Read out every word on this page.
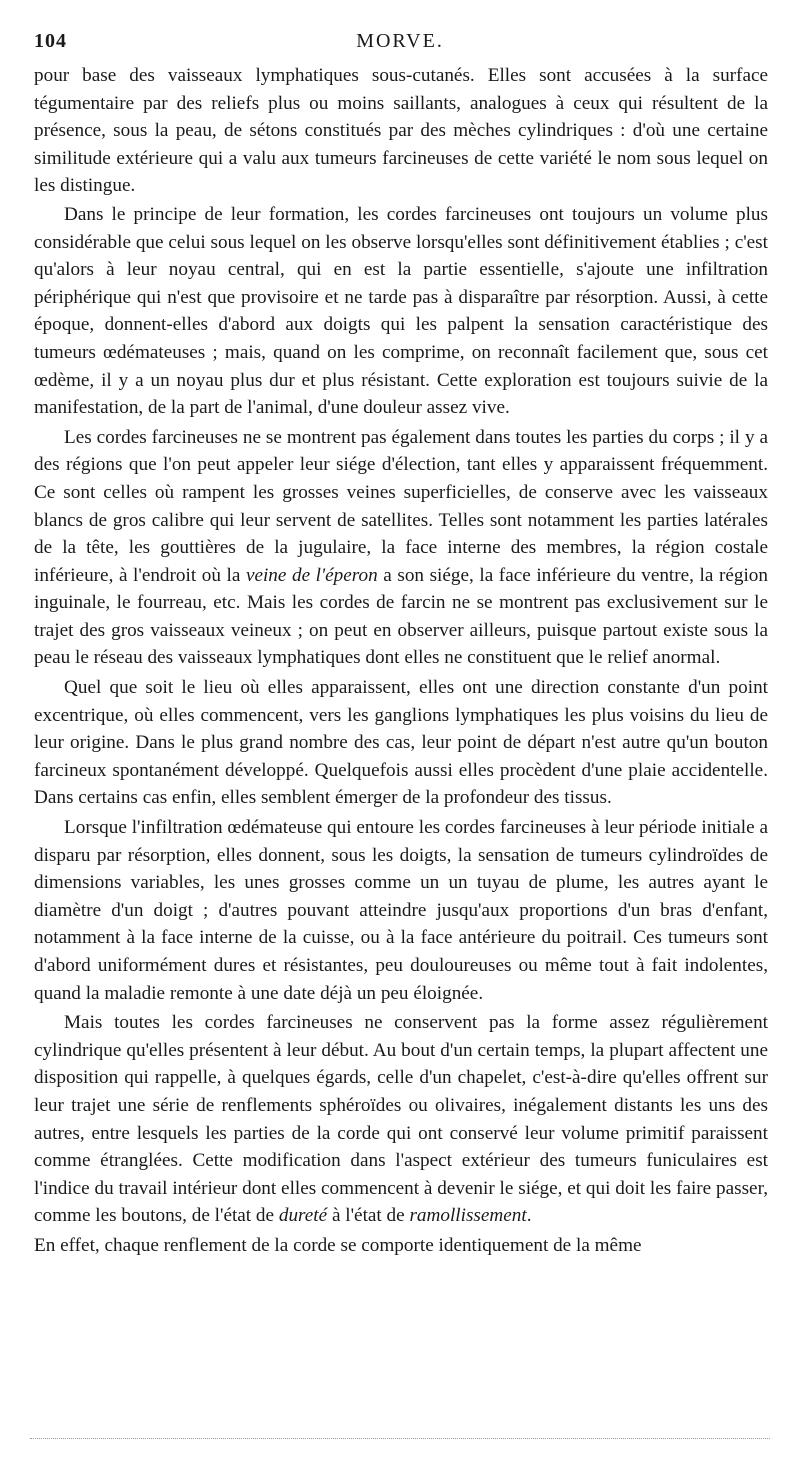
104	MORVE.

pour base des vaisseaux lymphatiques sous-cutanés. Elles sont accusées à la surface tégumentaire par des reliefs plus ou moins saillants, analogues à ceux qui résultent de la présence, sous la peau, de sétons constitués par des mèches cylindriques : d'où une certaine similitude extérieure qui a valu aux tumeurs farcineuses de cette variété le nom sous lequel on les distingue.

Dans le principe de leur formation, les cordes farcineuses ont toujours un volume plus considérable que celui sous lequel on les observe lorsqu'elles sont définitivement établies ; c'est qu'alors à leur noyau central, qui en est la partie essentielle, s'ajoute une infiltration périphérique qui n'est que provisoire et ne tarde pas à disparaître par résorption. Aussi, à cette époque, donnent-elles d'abord aux doigts qui les palpent la sensation caractéristique des tumeurs œdémateuses ; mais, quand on les comprime, on reconnaît facilement que, sous cet œdème, il y a un noyau plus dur et plus résistant. Cette exploration est toujours suivie de la manifestation, de la part de l'animal, d'une douleur assez vive.

Les cordes farcineuses ne se montrent pas également dans toutes les parties du corps ; il y a des régions que l'on peut appeler leur siége d'élection, tant elles y apparaissent fréquemment. Ce sont celles où rampent les grosses veines superficielles, de conserve avec les vaisseaux blancs de gros calibre qui leur servent de satellites. Telles sont notamment les parties latérales de la tête, les gouttières de la jugulaire, la face interne des membres, la région costale inférieure, à l'endroit où la veine de l'éperon a son siége, la face inférieure du ventre, la région inguinale, le fourreau, etc. Mais les cordes de farcin ne se montrent pas exclusivement sur le trajet des gros vaisseaux veineux ; on peut en observer ailleurs, puisque partout existe sous la peau le réseau des vaisseaux lymphatiques dont elles ne constituent que le relief anormal.

Quel que soit le lieu où elles apparaissent, elles ont une direction constante d'un point excentrique, où elles commencent, vers les ganglions lymphatiques les plus voisins du lieu de leur origine. Dans le plus grand nombre des cas, leur point de départ n'est autre qu'un bouton farcineux spontanément développé. Quelquefois aussi elles procèdent d'une plaie accidentelle. Dans certains cas enfin, elles semblent émerger de la profondeur des tissus.

Lorsque l'infiltration œdémateuse qui entoure les cordes farcineuses à leur période initiale a disparu par résorption, elles donnent, sous les doigts, la sensation de tumeurs cylindroïdes de dimensions variables, les unes grosses comme un un tuyau de plume, les autres ayant le diamètre d'un doigt ; d'autres pouvant atteindre jusqu'aux proportions d'un bras d'enfant, notamment à la face interne de la cuisse, ou à la face antérieure du poitrail. Ces tumeurs sont d'abord uniformément dures et résistantes, peu douloureuses ou même tout à fait indolentes, quand la maladie remonte à une date déjà un peu éloignée.

Mais toutes les cordes farcineuses ne conservent pas la forme assez régulièrement cylindrique qu'elles présentent à leur début. Au bout d'un certain temps, la plupart affectent une disposition qui rappelle, à quelques égards, celle d'un chapelet, c'est-à-dire qu'elles offrent sur leur trajet une série de renflements sphéroïdes ou olivaires, inégalement distants les uns des autres, entre lesquels les parties de la corde qui ont conservé leur volume primitif paraissent comme étranglées. Cette modification dans l'aspect extérieur des tumeurs funiculaires est l'indice du travail intérieur dont elles commencent à devenir le siége, et qui doit les faire passer, comme les boutons, de l'état de dureté à l'état de ramollissement.

En effet, chaque renflement de la corde se comporte identiquement de la même
